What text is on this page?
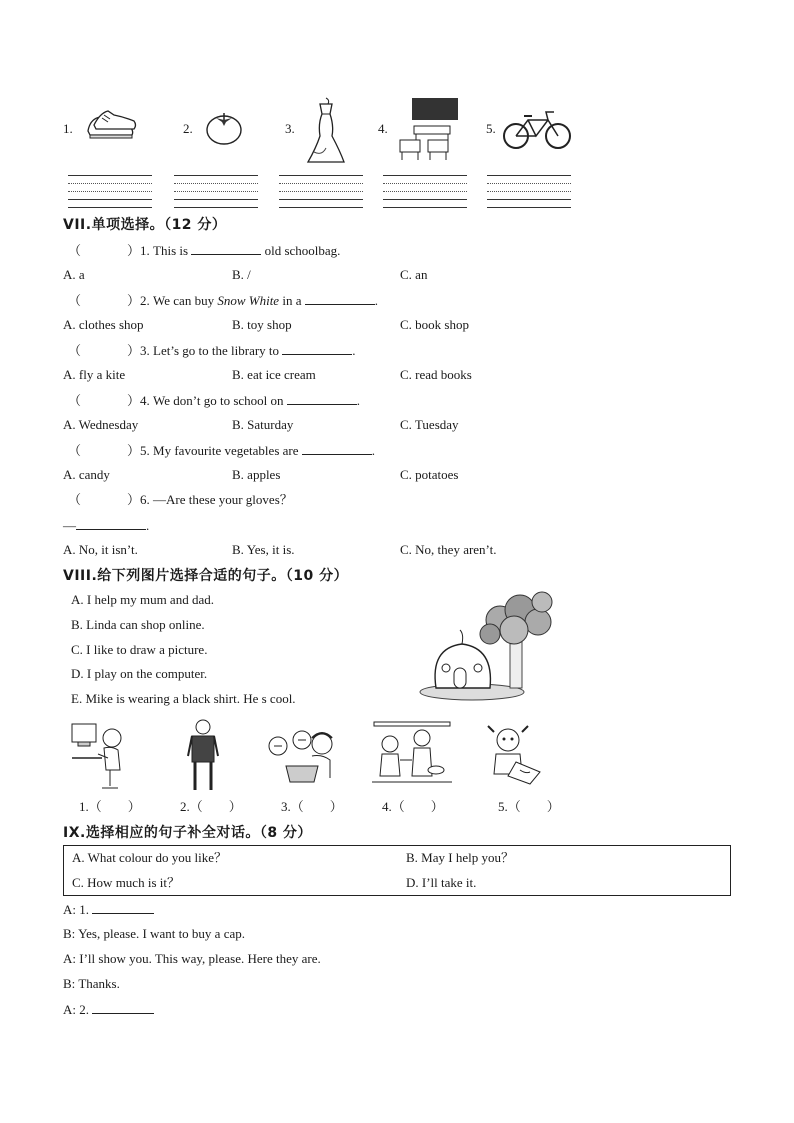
1.	2.	3.	4.	5.
VII.单项选择。（12 分）
（	）1. This is	old schoolbag.
A. a	B. /	C. an
（	）2. We can buy Snow White in a	.
A. clothes shop	B. toy shop	C. book shop
（	）3. Let’s go to the library to	.
A. fly a kite	B. eat ice cream	C. read books
（	）4. We don’t go to school on	.
A. Wednesday	B. Saturday	C. Tuesday
（	）5. My favourite vegetables are	.
A. candy	B. apples	C. potatoes
（	）6. —Are these your gloves？
—	.
A. No, it isn’t.	B. Yes, it is.	C. No, they aren’t.
VIII.给下列图片选择合适的句子。（10 分）
A. I help my mum and dad.
B. Linda can shop online.
C. I like to draw a picture.
D. I play on the computer.
E. Mike is wearing a black shirt. He s cool.
1.（　　）	2.（　　）	3.（　　）	4.（　　）	5.（　　）
IX.选择相应的句子补全对话。（8 分）
A. What colour do you like？	B. May I help you？
C. How much is it？	D. I’ll take it.
A: 1.
B: Yes, please. I want to buy a cap.
A: I’ll show you. This way, please. Here they are.
B: Thanks.
A: 2.
